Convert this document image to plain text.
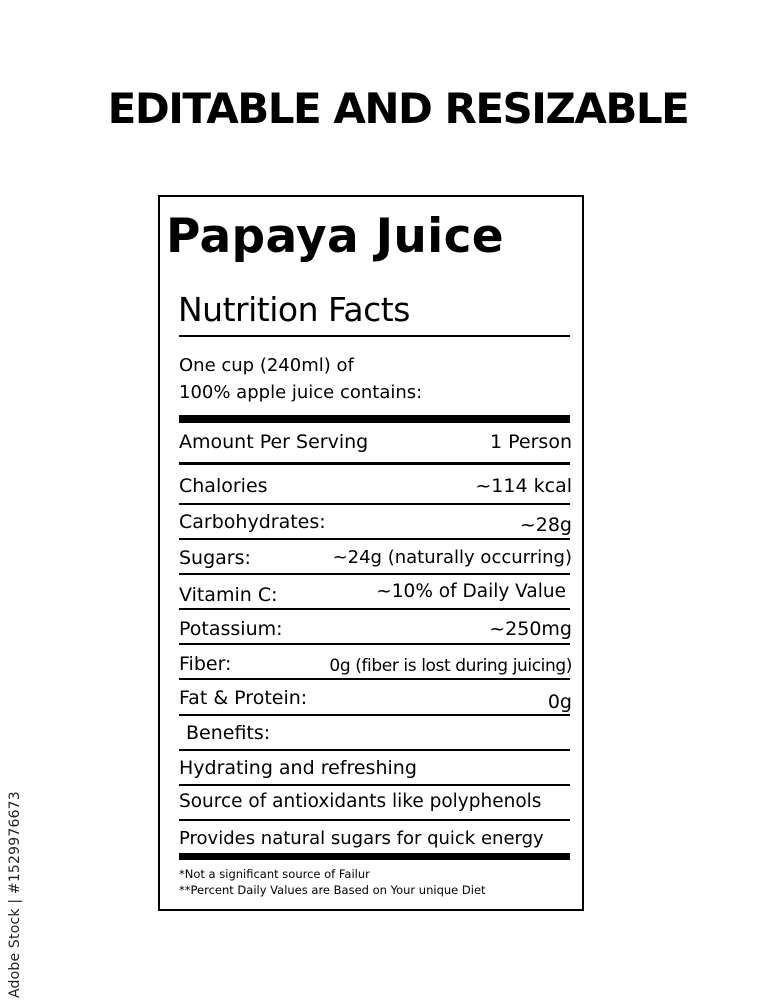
EDITABLE AND RESIZABLE
Papaya Juice
Nutrition Facts
One cup (240ml) of
100% apple juice contains:
Amount Per Serving	1 Person
Chalories	~114 kcal
Carbohydrates:	~28g
Sugars:	~24g (naturally occurring)
Vitamin C:	~10% of Daily Value
Potassium:	~250mg
Fiber:	0g (fiber is lost during juicing)
Fat & Protein:	0g
Benefits:
Hydrating and refreshing
Source of antioxidants like polyphenols
Provides natural sugars for quick energy
*Not a significant source of Failur
**Percent Daily Values are Based on Your unique Diet
Adobe Stock | #1529976673
